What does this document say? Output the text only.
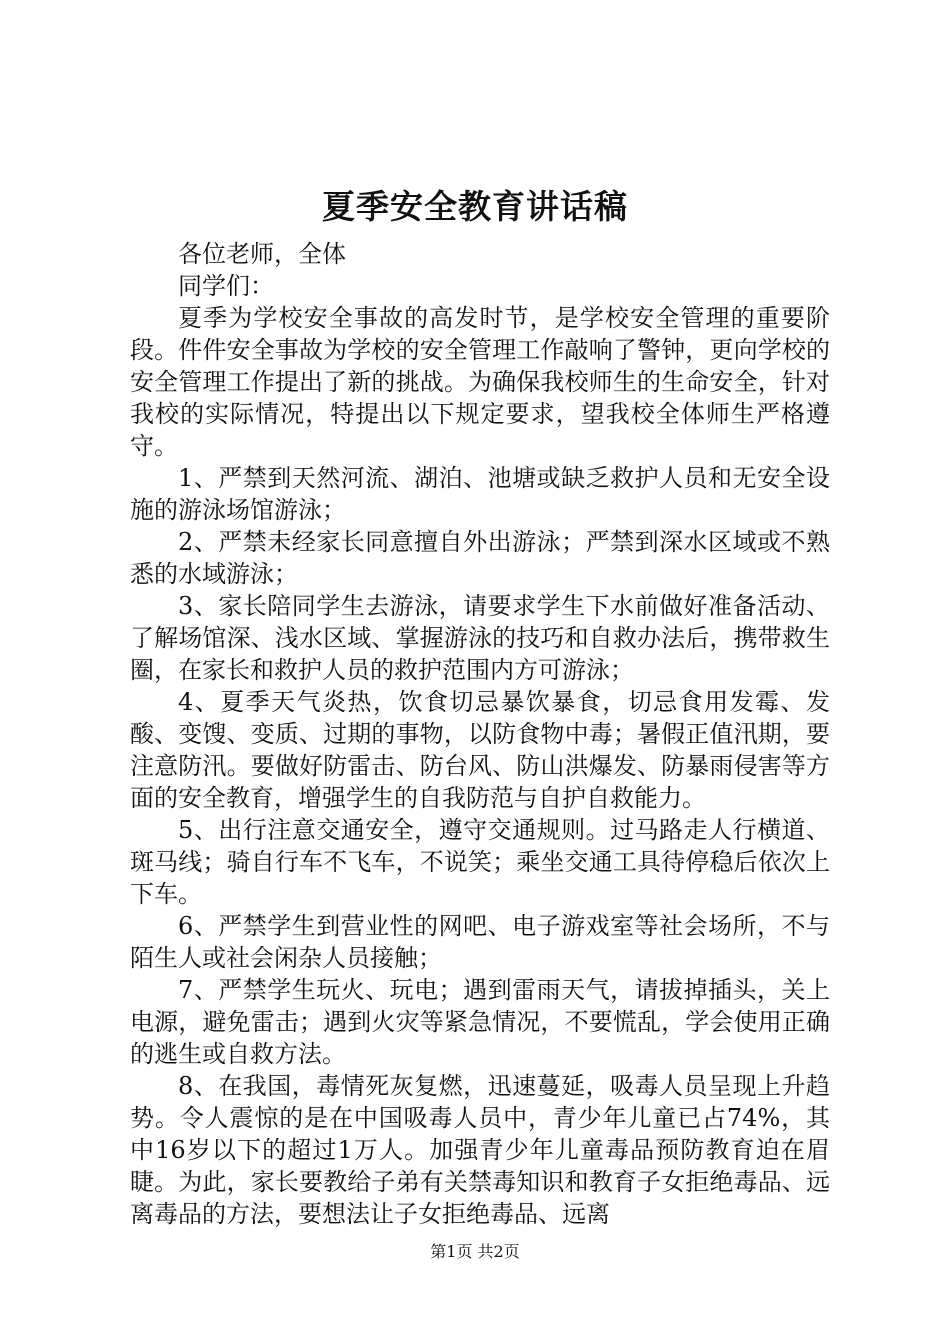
夏季安全教育讲话稿

各位老师，全体

同学们：

夏季为学校安全事故的高发时节，是学校安全管理的重要阶段。件件安全事故为学校的安全管理工作敲响了警钟，更向学校的安全管理工作提出了新的挑战。为确保我校师生的生命安全，针对我校的实际情况，特提出以下规定要求，望我校全体师生严格遵守。

1、严禁到天然河流、湖泊、池塘或缺乏救护人员和无安全设施的游泳场馆游泳；

2、严禁未经家长同意擅自外出游泳；严禁到深水区域或不熟悉的水域游泳；

3、家长陪同学生去游泳，请要求学生下水前做好准备活动、了解场馆深、浅水区域、掌握游泳的技巧和自救办法后，携带救生圈，在家长和救护人员的救护范围内方可游泳；

4、夏季天气炎热，饮食切忌暴饮暴食，切忌食用发霉、发酸、变馊、变质、过期的事物，以防食物中毒；暑假正值汛期，要注意防汛。要做好防雷击、防台风、防山洪爆发、防暴雨侵害等方面的安全教育，增强学生的自我防范与自护自救能力。

5、出行注意交通安全，遵守交通规则。过马路走人行横道、斑马线；骑自行车不飞车，不说笑；乘坐交通工具待停稳后依次上下车。

6、严禁学生到营业性的网吧、电子游戏室等社会场所，不与陌生人或社会闲杂人员接触；

7、严禁学生玩火、玩电；遇到雷雨天气，请拔掉插头，关上电源，避免雷击；遇到火灾等紧急情况，不要慌乱，学会使用正确的逃生或自救方法。

8、在我国，毒情死灰复燃，迅速蔓延，吸毒人员呈现上升趋势。令人震惊的是在中国吸毒人员中，青少年儿童已占74%，其中16岁以下的超过1万人。加强青少年儿童毒品预防教育迫在眉睫。为此，家长要教给子弟有关禁毒知识和教育子女拒绝毒品、远离毒品的方法，要想法让子女拒绝毒品、远离

第1页 共2页
